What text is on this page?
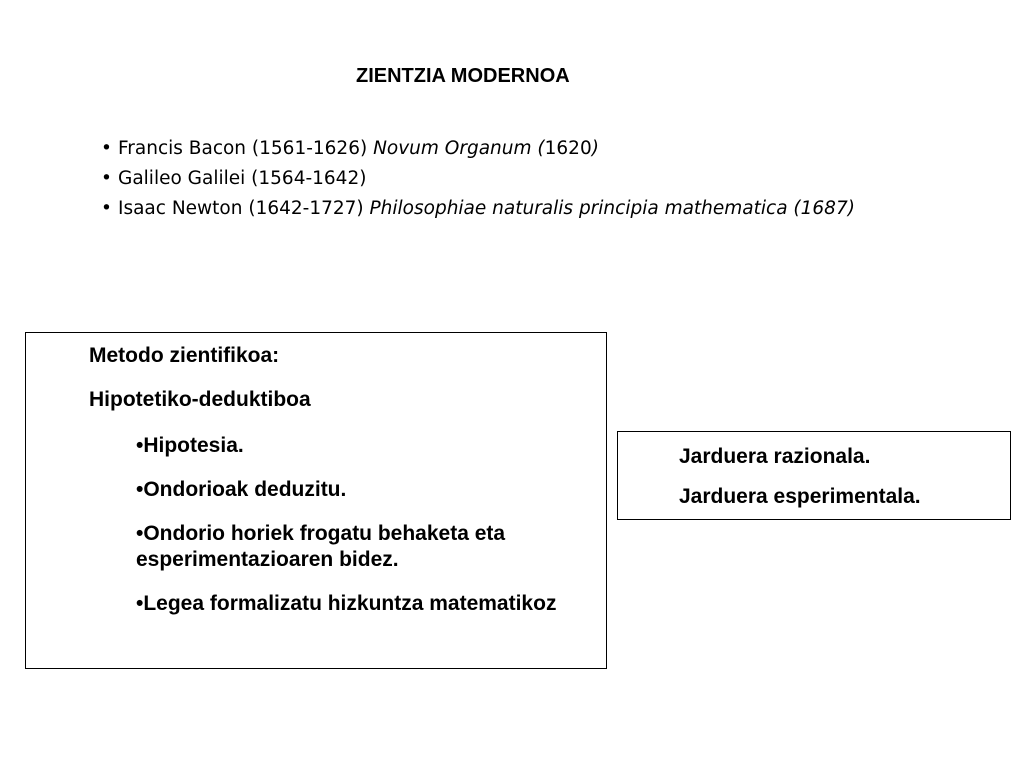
ZIENTZIA MODERNOA
• Francis Bacon (1561-1626) Novum Organum (1620)
• Galileo Galilei (1564-1642)
• Isaac Newton (1642-1727) Philosophiae naturalis principia mathematica (1687)
Metodo zientifikoa:
Hipotetiko-deduktiboa
•Hipotesia.
•Ondorioak deduzitu.
•Ondorio horiek frogatu behaketa eta esperimentazioaren bidez.
•Legea formalizatu hizkuntza matematikoz
Jarduera razionala.
Jarduera esperimentala.
